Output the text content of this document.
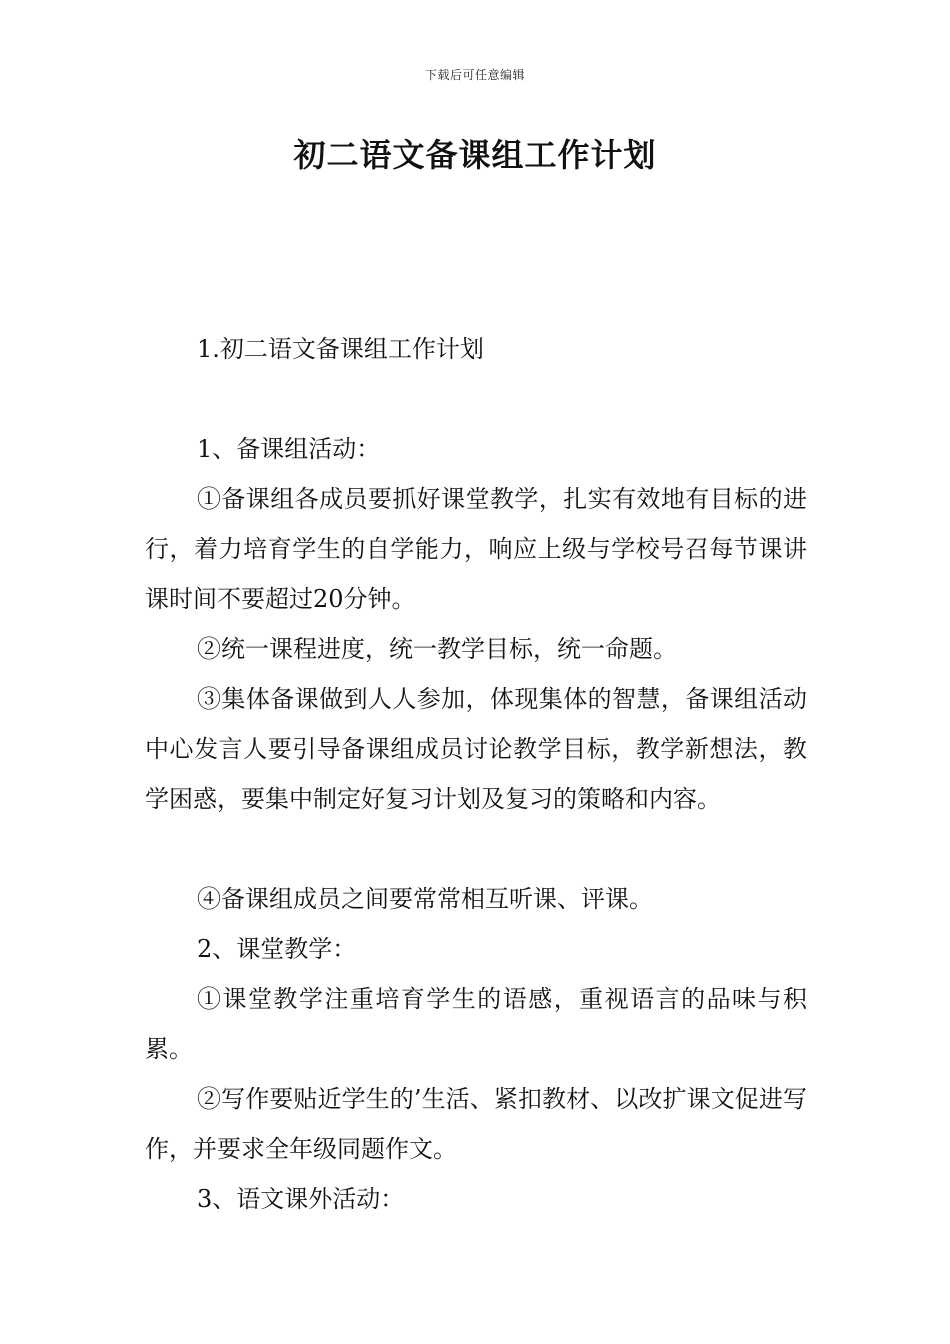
下载后可任意编辑
初二语文备课组工作计划

1.初二语文备课组工作计划

1、备课组活动：

①备课组各成员要抓好课堂教学，扎实有效地有目标的进行，着力培育学生的自学能力，响应上级与学校号召每节课讲课时间不要超过20分钟。

②统一课程进度，统一教学目标，统一命题。

③集体备课做到人人参加，体现集体的智慧，备课组活动中心发言人要引导备课组成员讨论教学目标，教学新想法，教学困惑，要集中制定好复习计划及复习的策略和内容。

④备课组成员之间要常常相互听课、评课。

2、课堂教学：

①课堂教学注重培育学生的语感，重视语言的品味与积累。

②写作要贴近学生的’生活、紧扣教材、以改扩课文促进写作，并要求全年级同题作文。

3、语文课外活动：
